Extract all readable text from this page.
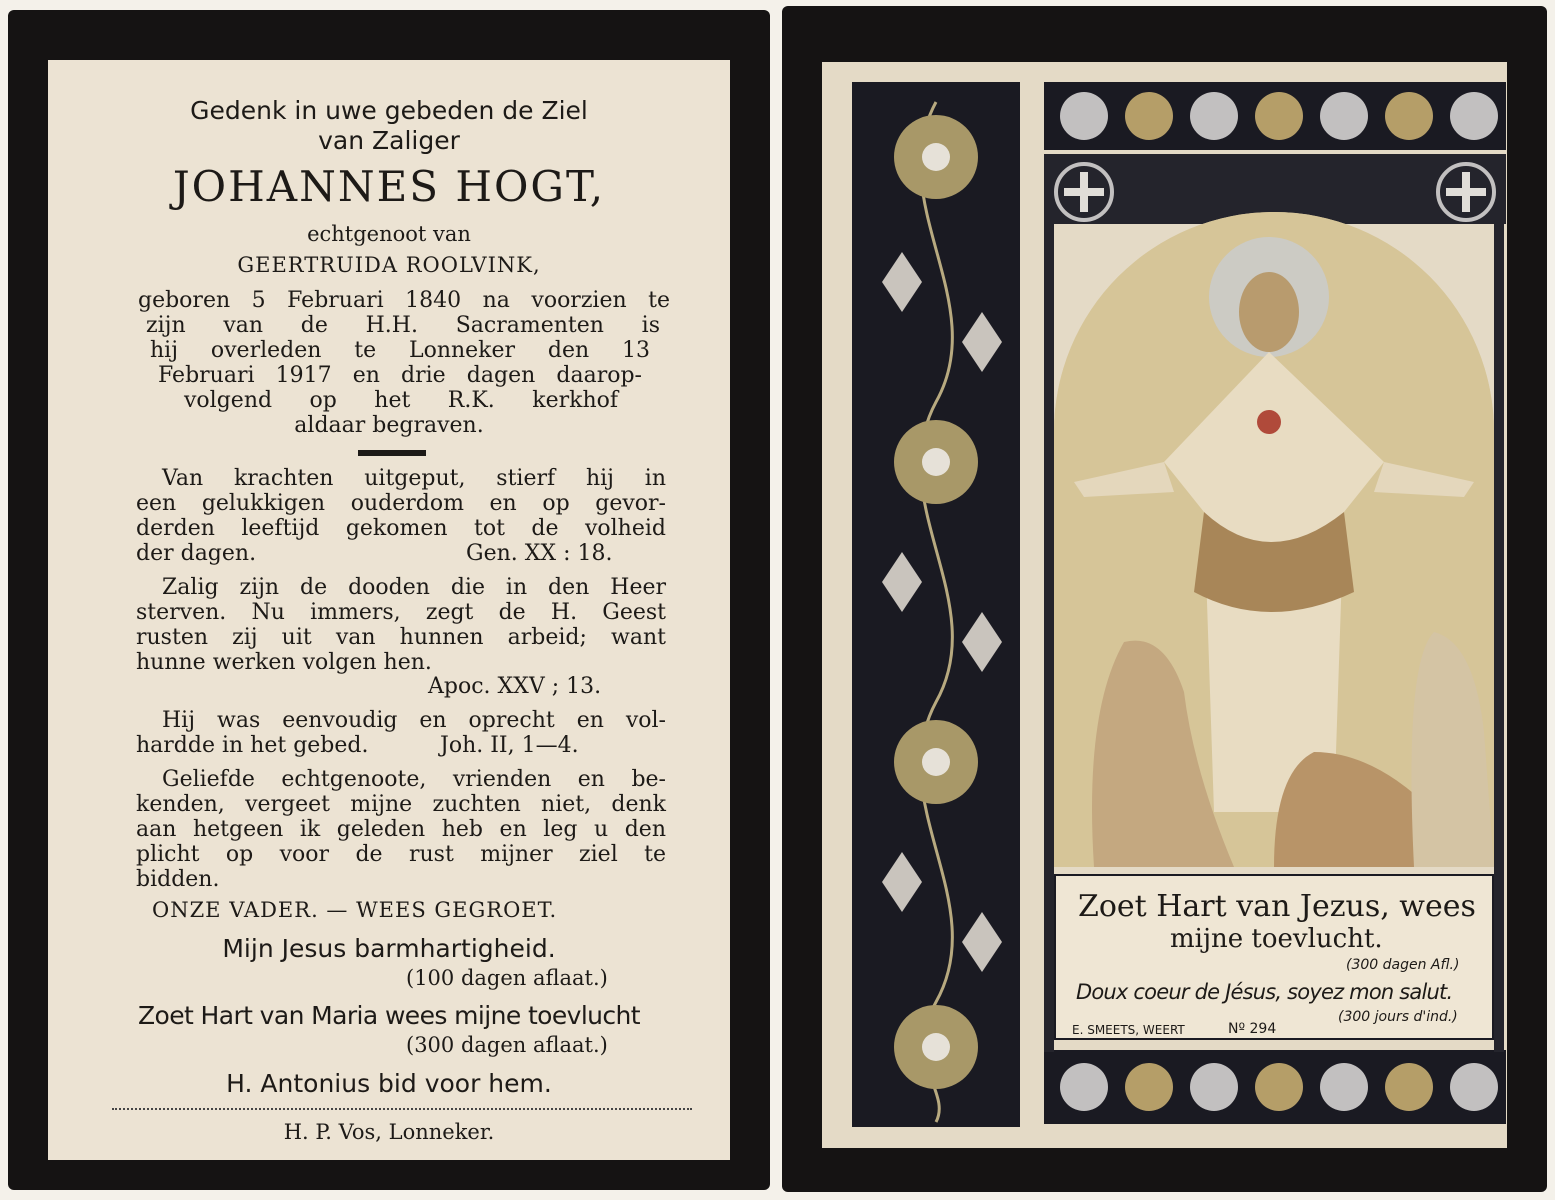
Gedenk in uwe gebeden de Ziel
van Zaliger
JOHANNES HOGT,
echtgenoot van
GEERTRUIDA ROOLVINK,
geboren 5 Februari 1840 na voorzien te
zijn van de H.H. Sacramenten is
hij overleden te Lonneker den 13
Februari 1917 en drie dagen daarop-
volgend op het R.K. kerkhof
aldaar begraven.
Van krachten uitgeput, stierf hij in
een gelukkigen ouderdom en op gevor-
derden leeftijd gekomen tot de volheid
der dagen.	Gen. XX : 18.
Zalig zijn de dooden die in den Heer
sterven. Nu immers, zegt de H. Geest
rusten zij uit van hunnen arbeid; want
hunne werken volgen hen.
Apoc. XXV ; 13.
Hij was eenvoudig en oprecht en vol-
hardde in het gebed.	Joh. II, 1—4.
Geliefde echtgenoote, vrienden en be-
kenden, vergeet mijne zuchten niet, denk
aan hetgeen ik geleden heb en leg u den
plicht op voor de rust mijner ziel te
bidden.
ONZE VADER. — WEES GEGROET.
Mijn Jesus barmhartigheid.
(100 dagen aflaat.)
Zoet Hart van Maria wees mijne toevlucht
(300 dagen aflaat.)
H. Antonius bid voor hem.
H. P. Vos, Lonneker.
Zoet Hart van Jezus, wees
mijne toevlucht.
(300 dagen Afl.)
Doux coeur de Jésus, soyez mon salut.
(300 jours d'ind.)
E. SMEETS, WEERT	Nº 294
